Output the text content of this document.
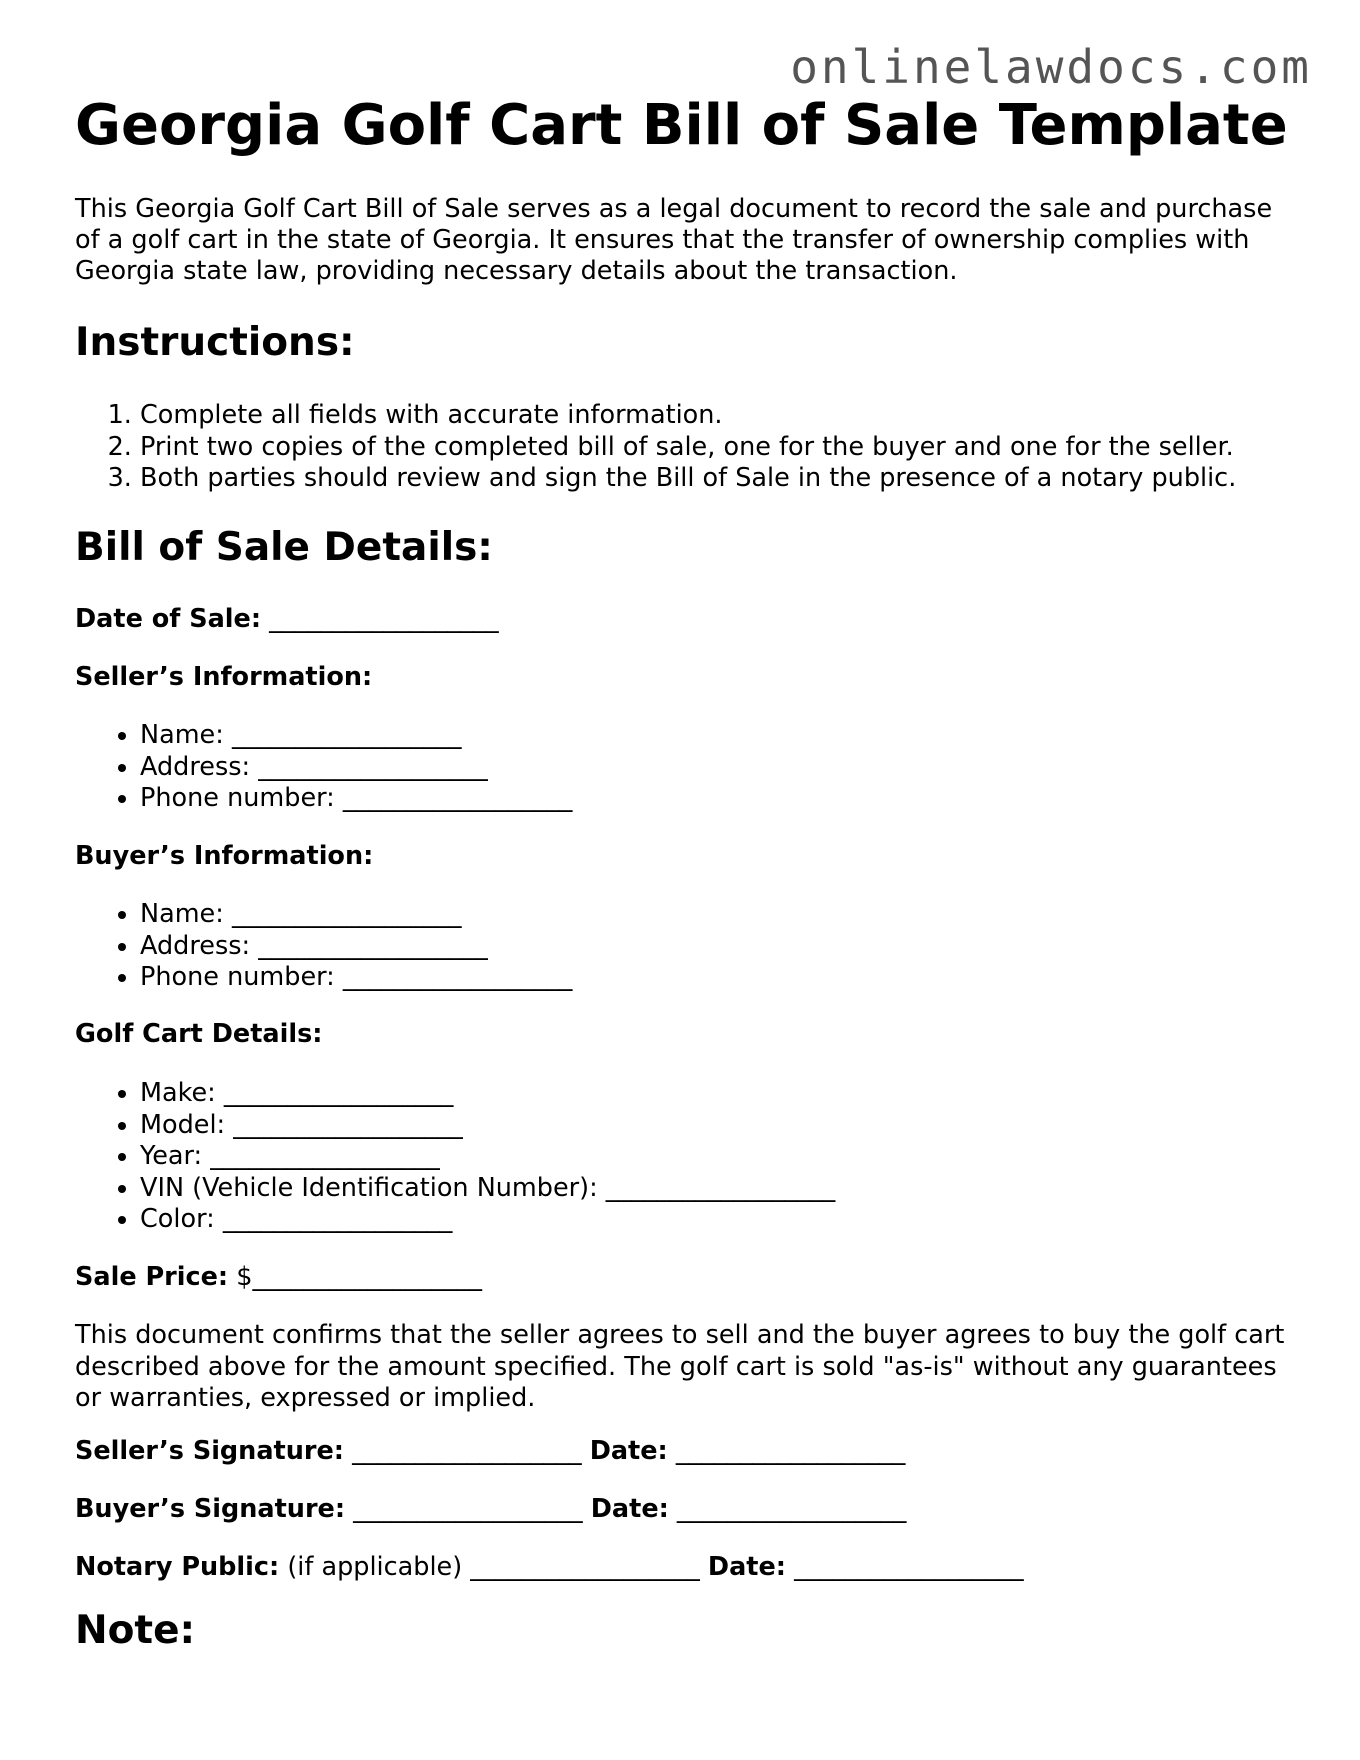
onlinelawdocs.com
Georgia Golf Cart Bill of Sale Template

This Georgia Golf Cart Bill of Sale serves as a legal document to record the sale and purchase of a golf cart in the state of Georgia. It ensures that the transfer of ownership complies with Georgia state law, providing necessary details about the transaction.

Instructions:
1. Complete all fields with accurate information.
2. Print two copies of the completed bill of sale, one for the buyer and one for the seller.
3. Both parties should review and sign the Bill of Sale in the presence of a notary public.
Bill of Sale Details:

Date of Sale: __________________

Seller’s Information:

• Name: __________________
• Address: __________________
• Phone number: __________________

Buyer’s Information:

• Name: __________________
• Address: __________________
• Phone number: __________________

Golf Cart Details:

• Make: __________________
• Model: __________________
• Year: __________________
• VIN (Vehicle Identification Number): __________________
• Color: __________________

Sale Price: $__________________

This document confirms that the seller agrees to sell and the buyer agrees to buy the golf cart described above for the amount specified. The golf cart is sold "as-is" without any guarantees or warranties, expressed or implied.

Seller’s Signature: __________________ Date: __________________

Buyer’s Signature: __________________ Date: __________________

Notary Public: (if applicable) __________________ Date: __________________

Note:
